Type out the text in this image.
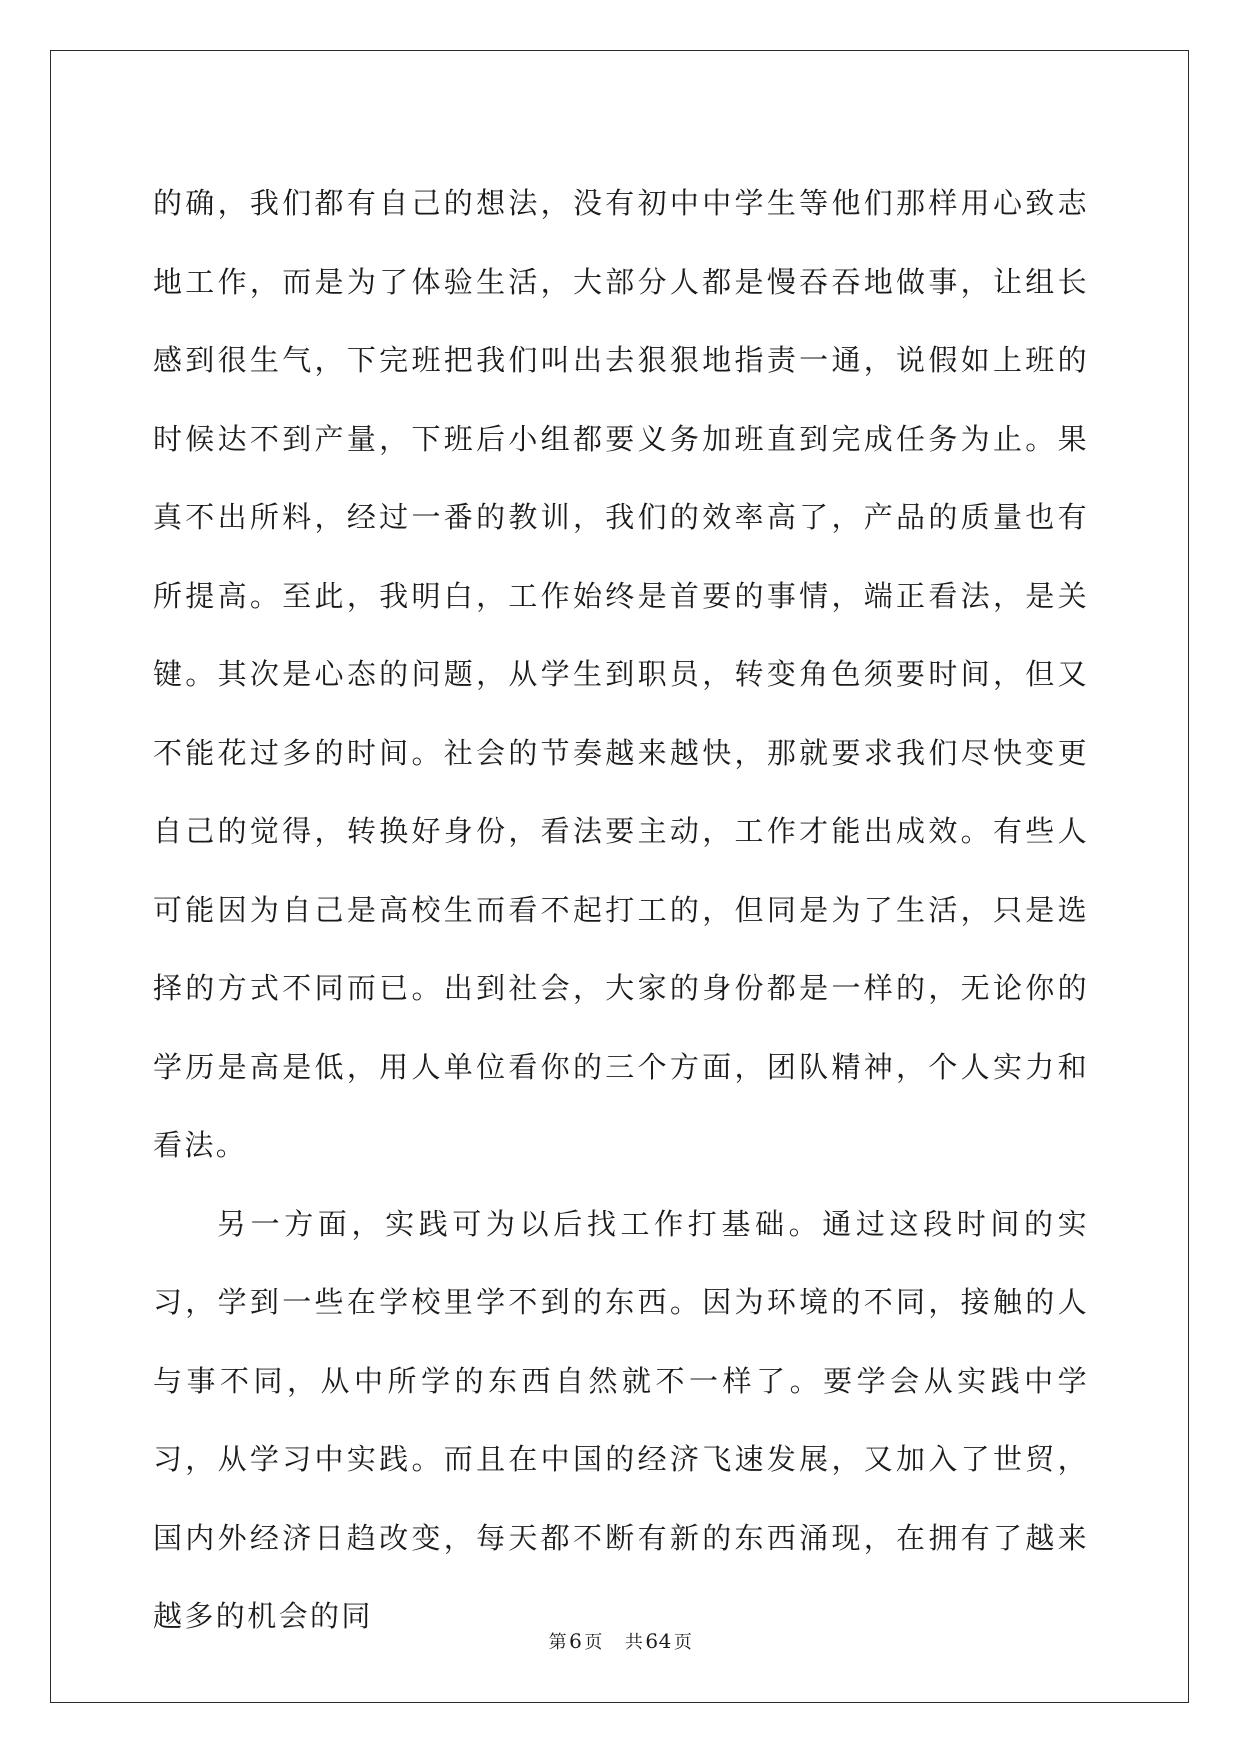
的确，我们都有自己的想法，没有初中中学生等他们那样用心致志地工作，而是为了体验生活，大部分人都是慢吞吞地做事，让组长感到很生气，下完班把我们叫出去狠狠地指责一通，说假如上班的时候达不到产量，下班后小组都要义务加班直到完成任务为止。果真不出所料，经过一番的教训，我们的效率高了，产品的质量也有所提高。至此，我明白，工作始终是首要的事情，端正看法，是关键。其次是心态的问题，从学生到职员，转变角色须要时间，但又不能花过多的时间。社会的节奏越来越快，那就要求我们尽快变更自己的觉得，转换好身份，看法要主动，工作才能出成效。有些人可能因为自己是高校生而看不起打工的，但同是为了生活，只是选择的方式不同而已。出到社会，大家的身份都是一样的，无论你的学历是高是低，用人单位看你的三个方面，团队精神，个人实力和看法。

另一方面，实践可为以后找工作打基础。通过这段时间的实习，学到一些在学校里学不到的东西。因为环境的不同，接触的人与事不同，从中所学的东西自然就不一样了。要学会从实践中学习，从学习中实践。而且在中国的经济飞速发展，又加入了世贸，国内外经济日趋改变，每天都不断有新的东西涌现，在拥有了越来越多的机会的同

第 6 页 共 64 页
